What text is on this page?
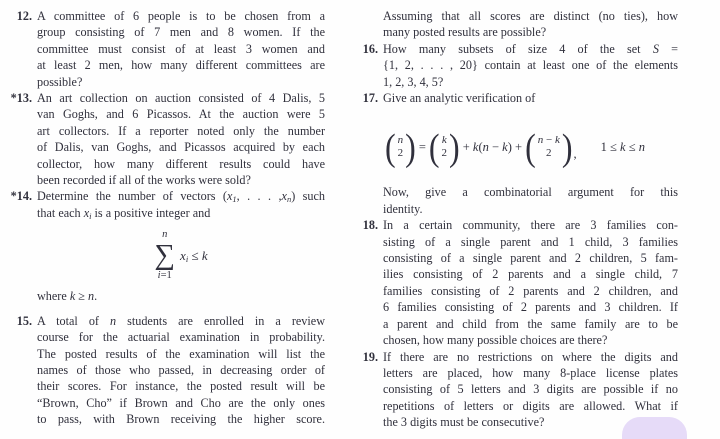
12. A committee of 6 people is to be chosen from a
group consisting of 7 men and 8 women. If the
committee must consist of at least 3 women and
at least 2 men, how many different committees are
possible?
*13. An art collection on auction consisted of 4 Dalis, 5
van Goghs, and 6 Picassos. At the auction were 5
art collectors. If a reporter noted only the number
of Dalis, van Goghs, and Picassos acquired by each
collector, how many different results could have
been recorded if all of the works were sold?
*14. Determine the number of vectors ($x_1$, . . . $,x_n$) such
that each $x_i$ is a positive integer and
n
∑
i=1
$x_i \le k$
where k ≥ n.
15. A total of n students are enrolled in a review
course for the actuarial examination in probability.
The posted results of the examination will list the
names of those who passed, in decreasing order of
their scores. For instance, the posted result will be
“Brown, Cho” if Brown and Cho are the only ones
to pass, with Brown receiving the higher score.
Assuming that all scores are distinct (no ties), how
many posted results are possible?
16. How many subsets of size 4 of the set S =
{1, 2, . . . , 20} contain at least one of the elements
1, 2, 3, 4, 5?
17. Give an analytic verification of
( n
2 ) = ( k
2 ) + k(n − k) + ( n − k
2 ) ,
1 ≤ k ≤ n
Now, give a combinatorial argument for this
identity.
18. In a certain community, there are 3 families con-
sisting of a single parent and 1 child, 3 families
consisting of a single parent and 2 children, 5 fam-
ilies consisting of 2 parents and a single child, 7
families consisting of 2 parents and 2 children, and
6 families consisting of 2 parents and 3 children. If
a parent and child from the same family are to be
chosen, how many possible choices are there?
19. If there are no restrictions on where the digits and
letters are placed, how many 8-place license plates
consisting of 5 letters and 3 digits are possible if no
repetitions of letters or digits are allowed. What if
the 3 digits must be consecutive?
